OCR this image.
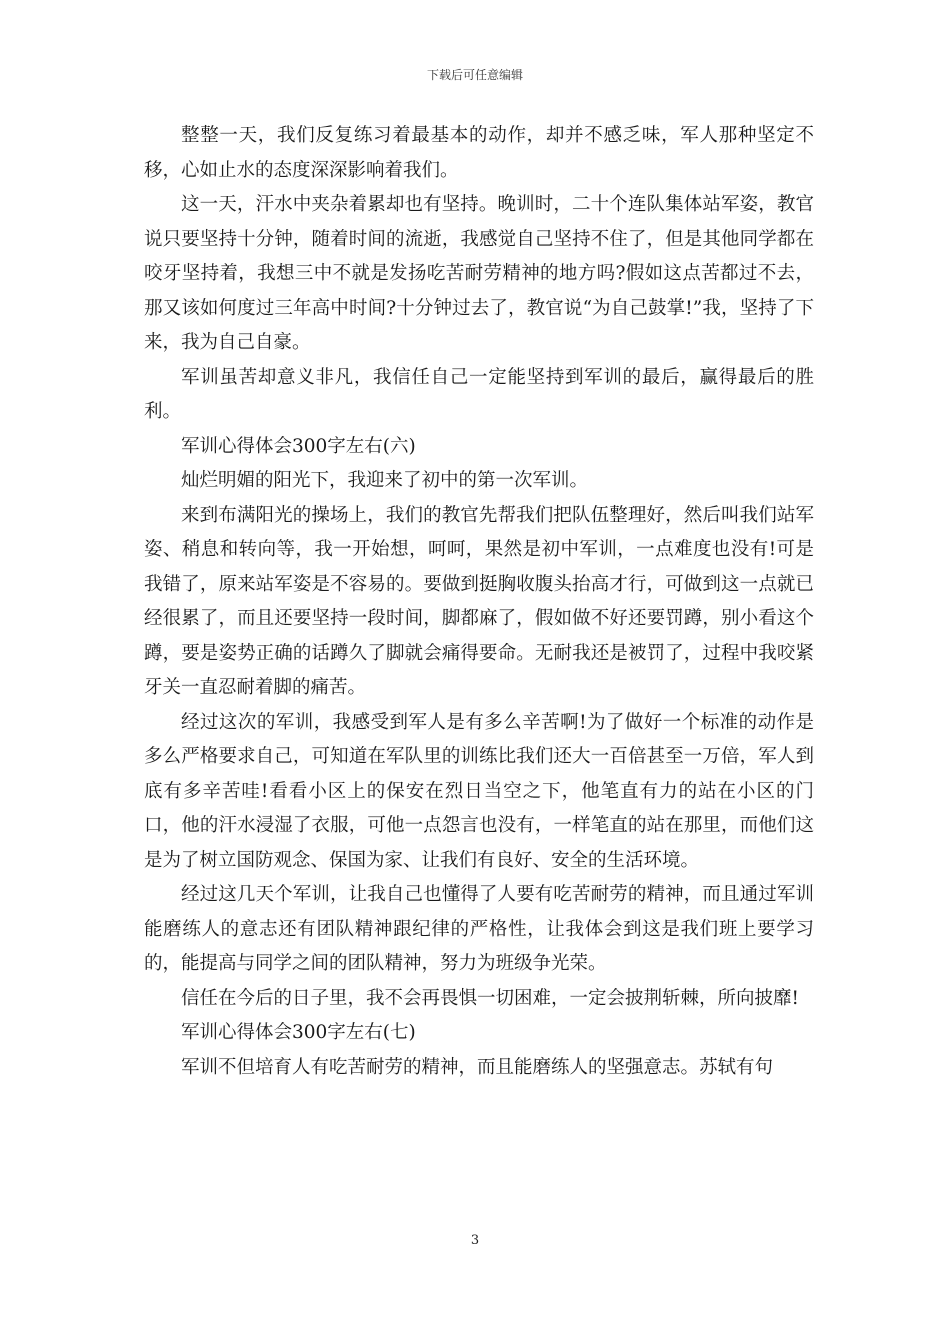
下载后可任意编辑

整整一天，我们反复练习着最基本的动作，却并不感乏味，军人那种坚定不移，心如止水的态度深深影响着我们。

这一天，汗水中夹杂着累却也有坚持。晚训时，二十个连队集体站军姿，教官说只要坚持十分钟，随着时间的流逝，我感觉自己坚持不住了，但是其他同学都在咬牙坚持着，我想三中不就是发扬吃苦耐劳精神的地方吗?假如这点苦都过不去，那又该如何度过三年高中时间?十分钟过去了，教官说“为自己鼓掌!”我，坚持了下来，我为自己自豪。

军训虽苦却意义非凡，我信任自己一定能坚持到军训的最后，赢得最后的胜利。

军训心得体会300字左右(六)

灿烂明媚的阳光下，我迎来了初中的第一次军训。

来到布满阳光的操场上，我们的教官先帮我们把队伍整理好，然后叫我们站军姿、稍息和转向等，我一开始想，呵呵，果然是初中军训，一点难度也没有!可是我错了，原来站军姿是不容易的。要做到挺胸收腹头抬高才行，可做到这一点就已经很累了，而且还要坚持一段时间，脚都麻了，假如做不好还要罚蹲，别小看这个蹲，要是姿势正确的话蹲久了脚就会痛得要命。无耐我还是被罚了，过程中我咬紧牙关一直忍耐着脚的痛苦。

经过这次的军训，我感受到军人是有多么辛苦啊!为了做好一个标准的动作是多么严格要求自己，可知道在军队里的训练比我们还大一百倍甚至一万倍，军人到底有多辛苦哇!看看小区上的保安在烈日当空之下，他笔直有力的站在小区的门口，他的汗水浸湿了衣服，可他一点怨言也没有，一样笔直的站在那里，而他们这是为了树立国防观念、保国为家、让我们有良好、安全的生活环境。

经过这几天个军训，让我自己也懂得了人要有吃苦耐劳的精神，而且通过军训能磨练人的意志还有团队精神跟纪律的严格性，让我体会到这是我们班上要学习的，能提高与同学之间的团队精神，努力为班级争光荣。

信任在今后的日子里，我不会再畏惧一切困难，一定会披荆斩棘，所向披靡!

军训心得体会300字左右(七)

军训不但培育人有吃苦耐劳的精神，而且能磨练人的坚强意志。苏轼有句

3
